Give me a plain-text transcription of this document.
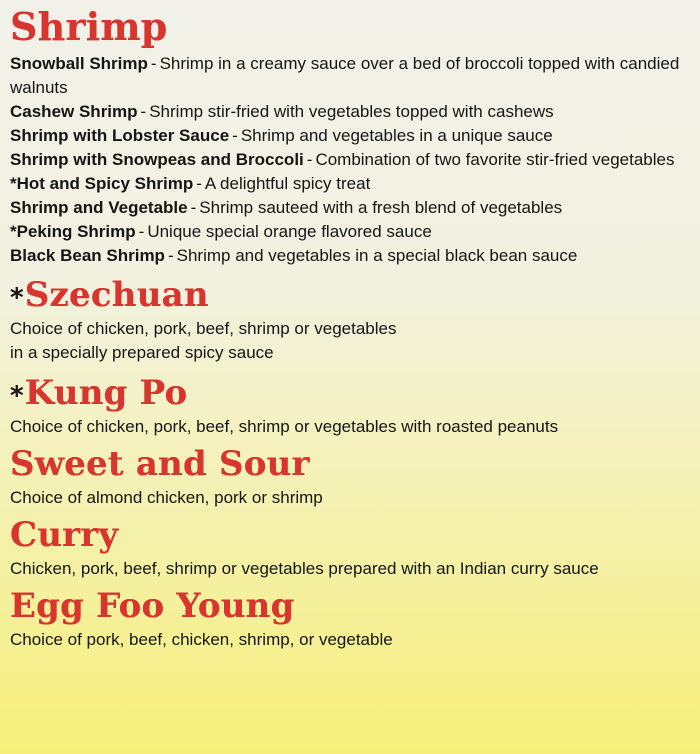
Shrimp
Snowball Shrimp - Shrimp in a creamy sauce over a bed of broccoli topped with candied walnuts
Cashew Shrimp - Shrimp stir-fried with vegetables topped with cashews
Shrimp with Lobster Sauce - Shrimp and vegetables in a unique sauce
Shrimp with Snowpeas and Broccoli - Combination of two favorite stir-fried vegetables
*Hot and Spicy Shrimp - A delightful spicy treat
Shrimp and Vegetable - Shrimp sauteed with a fresh blend of vegetables
*Peking Shrimp - Unique special orange flavored sauce
Black Bean Shrimp - Shrimp and vegetables in a special black bean sauce
*Szechuan

Choice of chicken, pork, beef, shrimp or vegetables

in a specially prepared spicy sauce

*Kung Po

Choice of chicken, pork, beef, shrimp or vegetables with roasted peanuts

Sweet and Sour

Choice of almond chicken, pork or shrimp

Curry

Chicken, pork, beef, shrimp or vegetables prepared with an Indian curry sauce

Egg Foo Young

Choice of pork, beef, chicken, shrimp, or vegetable
